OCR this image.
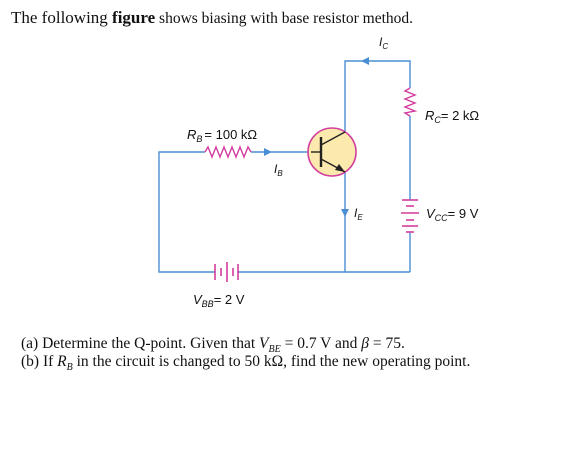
The following figure shows biasing with base resistor method.
$R_B = 100$ kΩ
$R_C= 2$ kΩ
$V_{CC}= 9$ V
$V_{BB}= 2$ V
$I_C$
$I_B$
$I_E$
(a) Determine the Q-point. Given that $V_{BE} = 0.7$ V and β = 75.
(b) If $R_B$ in the circuit is changed to 50 kΩ, find the new operating point.
